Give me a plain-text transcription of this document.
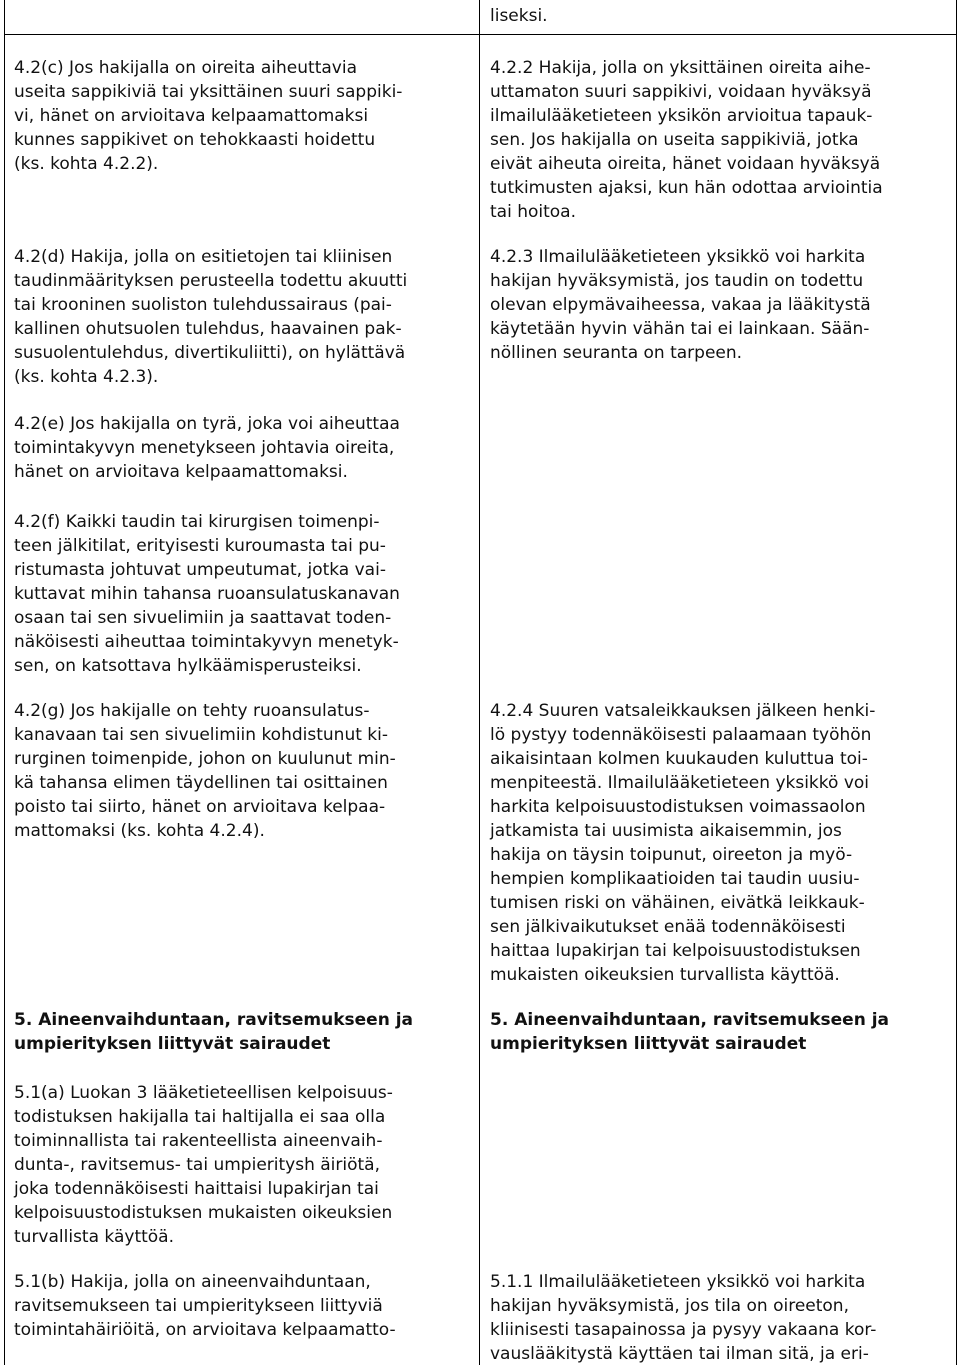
liseksi.

4.2(c) Jos hakijalla on oireita aiheuttavia
useita sappikiviä tai yksittäinen suuri sappiki-
vi, hänet on arvioitava kelpaamattomaksi
kunnes sappikivet on tehokkaasti hoidettu
(ks. kohta 4.2.2).

4.2.2 Hakija, jolla on yksittäinen oireita aihe-
uttamaton suuri sappikivi, voidaan hyväksyä
ilmailulääketieteen yksikön arvioitua tapauk-
sen. Jos hakijalla on useita sappikiviä, jotka
eivät aiheuta oireita, hänet voidaan hyväksyä
tutkimusten ajaksi, kun hän odottaa arviointia
tai hoitoa.

4.2(d) Hakija, jolla on esitietojen tai kliinisen
taudinmäärityksen perusteella todettu akuutti
tai krooninen suoliston tulehdussairaus (pai-
kallinen ohutsuolen tulehdus, haavainen pak-
susuolentulehdus, divertikuliitti), on hylättävä
(ks. kohta 4.2.3).

4.2.3 Ilmailulääketieteen yksikkö voi harkita
hakijan hyväksymistä, jos taudin on todettu
olevan elpymävaiheessa, vakaa ja lääkitystä
käytetään hyvin vähän tai ei lainkaan. Sään-
nöllinen seuranta on tarpeen.

4.2(e) Jos hakijalla on tyrä, joka voi aiheuttaa
toimintakyvyn menetykseen johtavia oireita,
hänet on arvioitava kelpaamattomaksi.

4.2(f) Kaikki taudin tai kirurgisen toimenpi-
teen jälkitilat, erityisesti kuroumasta tai pu-
ristumasta johtuvat umpeutumat, jotka vai-
kuttavat mihin tahansa ruoansulatuskanavan
osaan tai sen sivuelimiin ja saattavat toden-
näköisesti aiheuttaa toimintakyvyn menetyk-
sen, on katsottava hylkäämisperusteiksi.

4.2(g) Jos hakijalle on tehty ruoansulatus-
kanavaan tai sen sivuelimiin kohdistunut ki-
rurginen toimenpide, johon on kuulunut min-
kä tahansa elimen täydellinen tai osittainen
poisto tai siirto, hänet on arvioitava kelpaa-
mattomaksi (ks. kohta 4.2.4).

4.2.4 Suuren vatsaleikkauksen jälkeen henki-
lö pystyy todennäköisesti palaamaan työhön
aikaisintaan kolmen kuukauden kuluttua toi-
menpiteestä. Ilmailulääketieteen yksikkö voi
harkita kelpoisuustodistuksen voimassaolon
jatkamista tai uusimista aikaisemmin, jos
hakija on täysin toipunut, oireeton ja myö-
hempien komplikaatioiden tai taudin uusiu-
tumisen riski on vähäinen, eivätkä leikkauk-
sen jälkivaikutukset enää todennäköisesti
haittaa lupakirjan tai kelpoisuustodistuksen
mukaisten oikeuksien turvallista käyttöä.

5. Aineenvaihduntaan, ravitsemukseen ja
umpierityksen liittyvät sairaudet

5. Aineenvaihduntaan, ravitsemukseen ja
umpierityksen liittyvät sairaudet

5.1(a) Luokan 3 lääketieteellisen kelpoisuus-
todistuksen hakijalla tai haltijalla ei saa olla
toiminnallista tai rakenteellista aineenvaih-
dunta-, ravitsemus- tai umpieritysh äiriötä,
joka todennäköisesti haittaisi lupakirjan tai
kelpoisuustodistuksen mukaisten oikeuksien
turvallista käyttöä.

5.1(b) Hakija, jolla on aineenvaihduntaan,
ravitsemukseen tai umpieritykseen liittyviä
toimintahäiriöitä, on arvioitava kelpaamatto-

5.1.1 Ilmailulääketieteen yksikkö voi harkita
hakijan hyväksymistä, jos tila on oireeton,
kliinisesti tasapainossa ja pysyy vakaana kor-
vauslääkitystä käyttäen tai ilman sitä, ja eri-
